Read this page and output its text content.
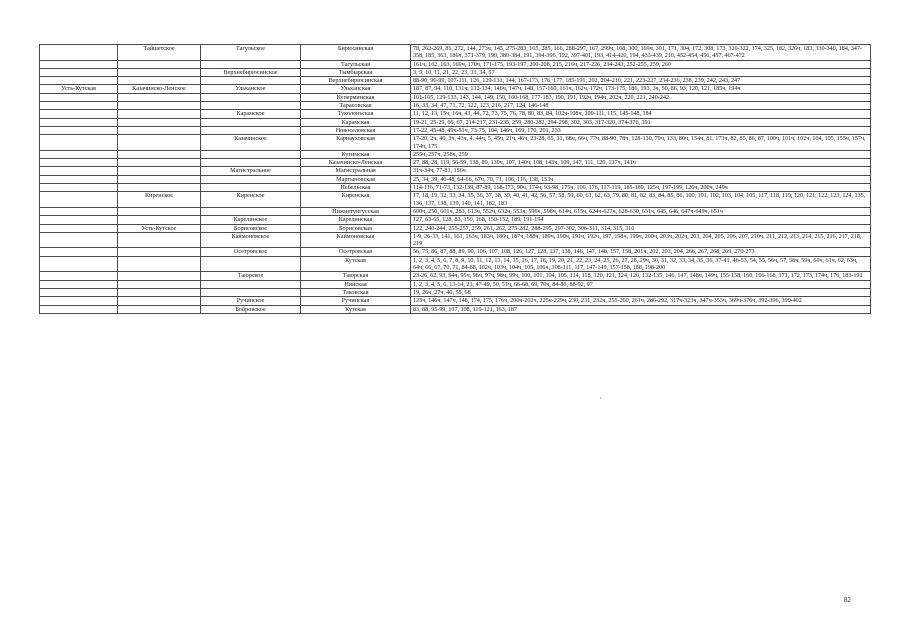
	Тайшетское	Тагульское	Бирюсинская	78, 262-269, 81, 272, 144, 273ч, 145, 275-283, 165, 285, 166, 288-297, 167, 299ч, 168, 300, 169ч, 301, 171, 304, 172, 308, 173, 320-322, 174, 325, 182, 326ч, 183, 330-340, 184, 347-358, 185, 363, 186ч, 371-379, 190, 380-384, 191, 394-396, 192, 397-401, 193, 414-420, 194, 433-439, 210, 452-454, 456, 457, 467-472
			Тагульская	161ч, 162, 163, 169ч, 170ч, 171-175, 193-197, 200-208, 215, 216ч, 217-226, 234-243, 252-255, 259, 260
		Верхнебирюсинское	Тымбырская	3, 9, 10, 11, 21, 22, 23, 33, 34, 57
			Верхнебирюсинская	88-90, 96-99, 107-111, 126, 129-131, 144, 167-173, 176, 177, 185-191, 202, 204-210, 221, 223-227, 234-236, 238, 239, 242, 243, 247
Усть-Кутская	Казачинско-Ленское	Ульканское	Ульканская	187, 87, 94, 110, 131ч, 132-134, 146ч, 147ч, 148, 157-160, 161ч, 162ч, 172ч, 173-175, 186, 193, 3ч, 50, 86, 93, 120, 121, 185ч, 194ч
			Куперминская	101-105, 129-133, 143, 144, 149, 150, 160-168, 177-183, 190, 191, 192ч, 194ч, 202ч, 220, 221, 240-242
			Тарасовская	16, 33, 34, 47, 71, 72, 122, 123, 216, 217, 124, 146-148
		Карамское	Туколоньская	11, 12, 13, 15ч, 16ч, 43, 44, 72, 73, 75, 76, 78, 80, 83, 84, 102ч-108ч, 109-111, 115, 145-148, 184
			Карамская	19-21, 25-29, 66, 67, 214-217, 231-235, 259, 280-282, 294-298, 302, 303, 317-320, 374-376, 391
			Новоселовская	17-22, 45-48, 49ч-51ч, 73-75, 104, 146ч, 169, 170, 201, 233
		Казачинское	Карнауховская	17-20, 2ч, 40, 3ч, 43ч, 4, 44ч, 5, 45ч, 21ч, 46ч, 23-28, 65, 31, 68ч, 66ч, 77ч, 88-90, 78ч, 128-130, 79ч, 133, 80ч, 154ч, 81, 173ч, 82, 85, 86, 87, 100ч, 101ч, 102ч, 104, 105, 155ч, 157ч, 174ч, 175
			Кутимская	255ч, 257ч, 258ч, 259
			Казачинско-Ленская	27, 88, 28, 119, 56-59, 138, 89, 139ч, 107, 140ч, 108, 143ч, 109, 147, 111, 120, 137ч, 141ч
		Магистральное	Магистральная	31ч-34ч, 77-81, 156ч
			Мартыновская	25, 34, 39, 46-48, 64-66, 67ч, 70, 71, 106, 116, 138, 153ч
			Небельская	114-116, 71-73, 132-139, 87-89, 168-173, 90ч, 174ч, 93-98, 175ч, 106, 176, 117-119, 185-189, 125ч, 197-199, 126ч, 200ч, 249ч
	Киренское	Киренское	Киренская	17, 18, 19, 32, 33, 34, 35, 36, 37, 38, 39, 40, 41, 42, 56, 57, 58, 59, 60, 61, 62, 63, 79, 80, 81, 82, 83, 84, 85, 86, 100, 101, 102, 103, 104, 105, 117, 118, 119, 120, 121, 122, 123, 124, 135, 136, 137, 138, 139, 140, 141, 182, 183
			Нижнетунгусская	600ч, 250, 601ч, 283, 613ч, 552ч, 632ч, 553ч, 596ч, 598ч, 614ч, 615ч, 624ч-627ч, 628-630, 631ч, 645, 646, 647ч-649ч, 651ч
		Карелинское	Карелинская	127, 63-65, 128, 83, 150, 168, 150-152, 189, 191-194
	Усть-Кутское	Борисовское	Борисовская	122, 240-244, 255-257, 259, 261, 262, 275-282, 288-295, 297-302, 306-311, 314, 315, 316
		Каймоновское	Каймоновская	1-9, 26-33, 141, 161, 163ч, 183ч, 186ч, 187ч, 188ч, 189ч, 190ч, 191ч, 192ч, 197, 198ч, 199ч, 200ч, 203ч, 202ч, 203, 204, 205, 206, 207, 210ч, 211, 212, 213, 214, 215, 216, 217, 218, 219
		Осетровское	Осетровская	56, 75, 86, 87, 88, 89, 90, 106, 107, 108, 126, 127, 128, 137, 138, 146, 147, 148, 157, 158, 201ч, 202, 203, 204, 266, 267, 268, 269, 270-273
			Кутская	1, 2, 3, 4, 5, 6, 7, 8, 9, 10, 11, 12, 13, 14, 15, 16, 17, 18, 19, 20, 21, 22, 23, 24, 25, 26, 27, 28, 29ч, 30, 31, 32, 33, 34, 35, 36, 37-41, 46-53, 54, 55, 56ч, 57, 58ч, 59ч, 60ч, 61ч, 62, 63ч, 64ч, 66, 67, 70, 71, 84-88, 102ч, 103ч, 104ч, 105, 106ч, 108-111, 117, 147-149, 157-158, 188, 198-200
		Таюрское	Таюрская	23-26, 62, 93, 94ч, 95ч, 96ч, 97ч, 98ч, 99ч, 100, 101, 104, 105, 114, 118, 120, 121, 124, 126, 132-135, 146, 147, 148ч, 149ч, 155-158, 160, 166-168, 171, 172, 173, 174ч, 176, 183-191
			Нийская	1, 2, 3, 4, 5, 6, 13-14, 23, 47-49, 50, 51ч, 66-68, 69, 70ч, 84-86, 88-92, 97
			Таковская	19, 26ч, 27ч, 40, 55, 68
		Ручинское	Ручинская	123ч, 146ч, 147ч, 148, 174, 175, 176ч, 200ч-202ч, 225ч-229ч, 230, 231, 232ч, 255-260, 261ч, 286-292, 317ч-323ч, 347ч-353ч, 369ч-376ч, 392-396, 399-402
		Бобровское	Кутская	83, 88, 95-99, 107, 108, 119-121, 163, 187
,
82
